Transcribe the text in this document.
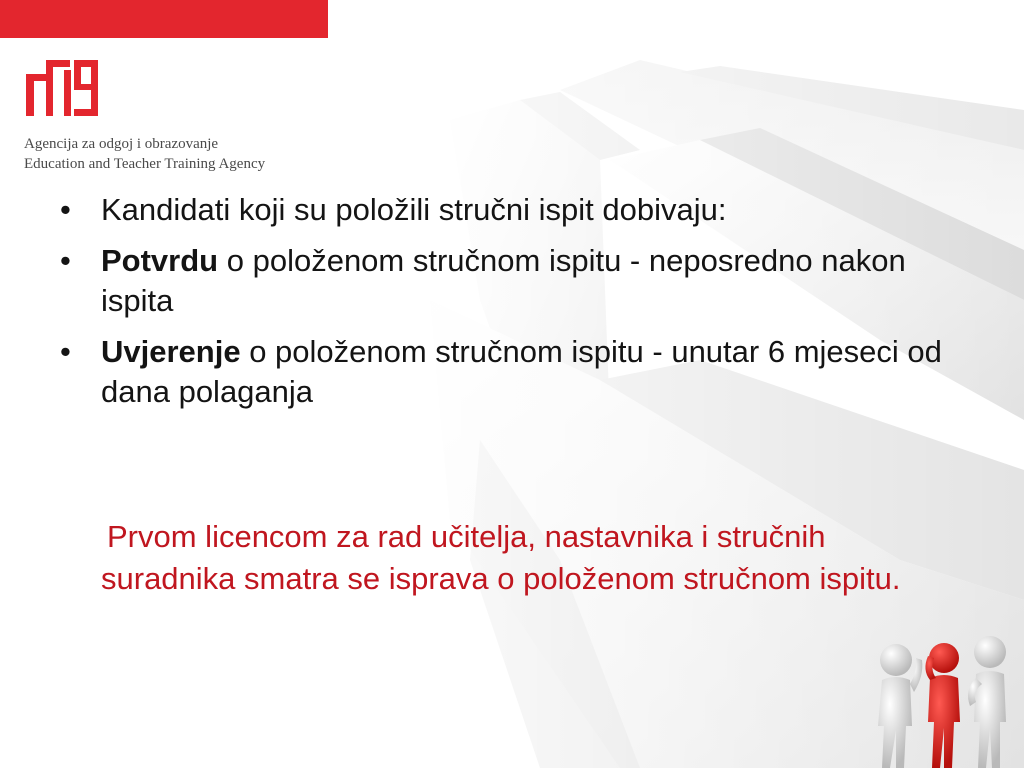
Agencija za odgoj i obrazovanje
Education and Teacher Training Agency
• Kandidati koji su položili stručni ispit dobivaju:
• Potvrdu o položenom stručnom ispitu - neposredno nakon ispita
• Uvjerenje o položenom stručnom ispitu - unutar 6 mjeseci od dana polaganja
Prvom licencom za rad učitelja, nastavnika i stručnih suradnika smatra se isprava o položenom stručnom ispitu.
